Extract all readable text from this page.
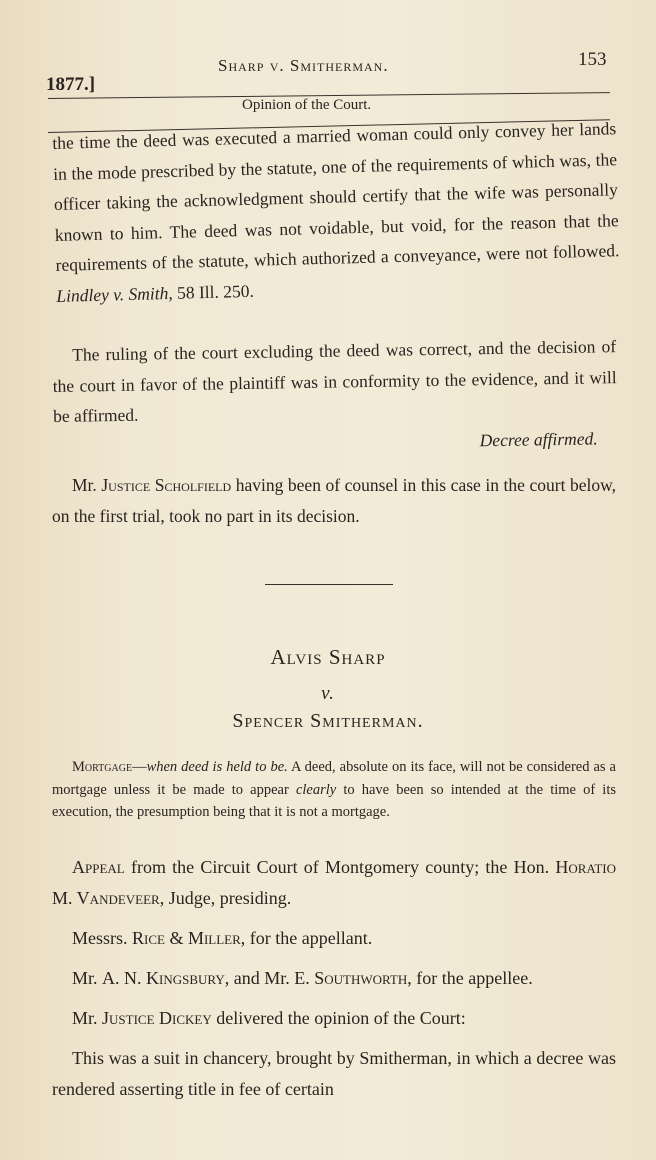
1877.]
Sharp v. Smitherman.	153
Opinion of the Court.

the time the deed was executed a married woman could only convey her lands in the mode prescribed by the statute, one of the requirements of which was, the officer taking the acknowledgment should certify that the wife was personally known to him. The deed was not voidable, but void, for the reason that the requirements of the statute, which authorized a conveyance, were not followed. Lindley v. Smith, 58 Ill. 250.

The ruling of the court excluding the deed was correct, and the decision of the court in favor of the plaintiff was in conformity to the evidence, and it will be affirmed.

Decree affirmed.

Mr. Justice Scholfield having been of counsel in this case in the court below, on the first trial, took no part in its decision.

Alvis Sharp
v.
Spencer Smitherman.

Mortgage—when deed is held to be. A deed, absolute on its face, will not be considered as a mortgage unless it be made to appear clearly to have been so intended at the time of its execution, the presumption being that it is not a mortgage.

Appeal from the Circuit Court of Montgomery county; the Hon. Horatio M. Vandeveer, Judge, presiding.

Messrs. Rice & Miller, for the appellant.

Mr. A. N. Kingsbury, and Mr. E. Southworth, for the appellee.

Mr. Justice Dickey delivered the opinion of the Court:

This was a suit in chancery, brought by Smitherman, in which a decree was rendered asserting title in fee of certain
